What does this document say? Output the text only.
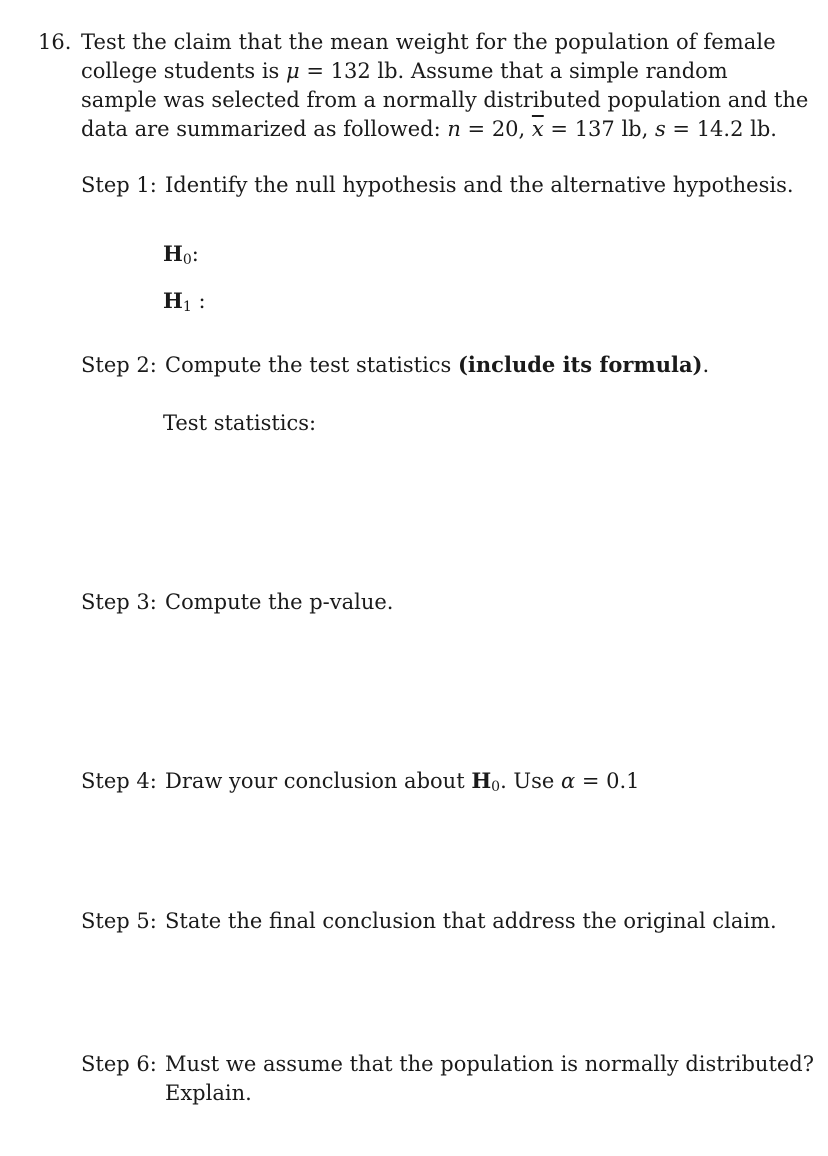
16. Test the claim that the mean weight for the population of female
college students is μ = 132 lb. Assume that a simple random
sample was selected from a normally distributed population and the
data are summarized as followed: n = 20, $\overline{x} = 137$ lb, s = 14.2 lb.
Step 1: Identify the null hypothesis and the alternative hypothesis.
$H_0$:
$H_1$ :
Step 2: Compute the test statistics (include its formula).
Test statistics:
Step 3: Compute the p-value.
Step 4: Draw your conclusion about $H_0$. Use α = 0.1
Step 5: State the final conclusion that address the original claim.
Step 6: Must we assume that the population is normally distributed?
Explain.
